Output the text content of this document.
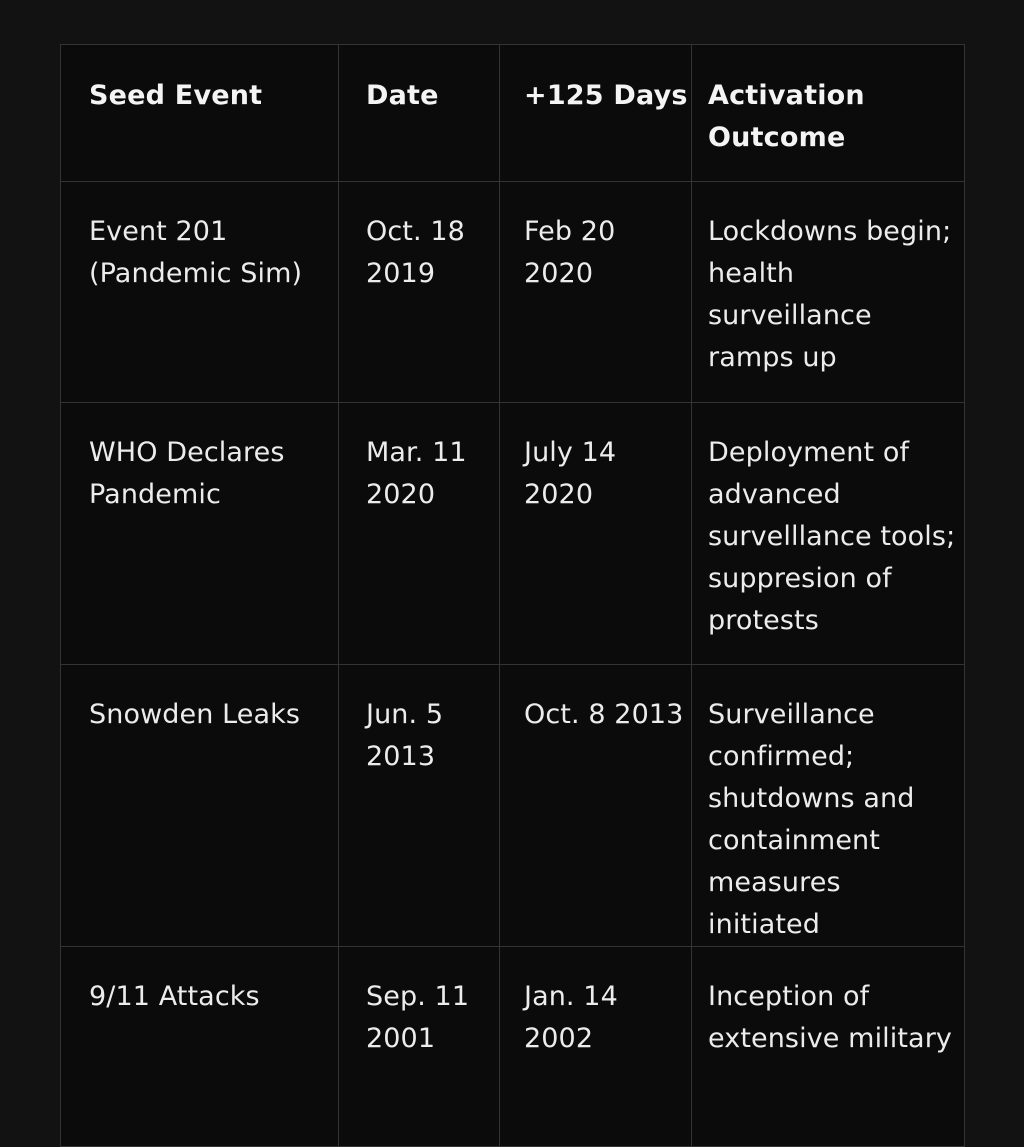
Seed Event	Date	+125 Days	Activation Outcome
Event 201 (Pandemic Sim)	Oct. 18 2019	Feb 20 2020	Lockdowns begin; health surveillance ramps up
WHO Declares Pandemic	Mar. 11 2020	July 14 2020	Deployment of advanced survelllance tools; suppresion of protests
Snowden Leaks	Jun. 5 2013	Oct. 8 2013	Surveillance confirmed; shutdowns and containment measures initiated
9/11 Attacks	Sep. 11 2001	Jan. 14 2002	Inception of extensive military
